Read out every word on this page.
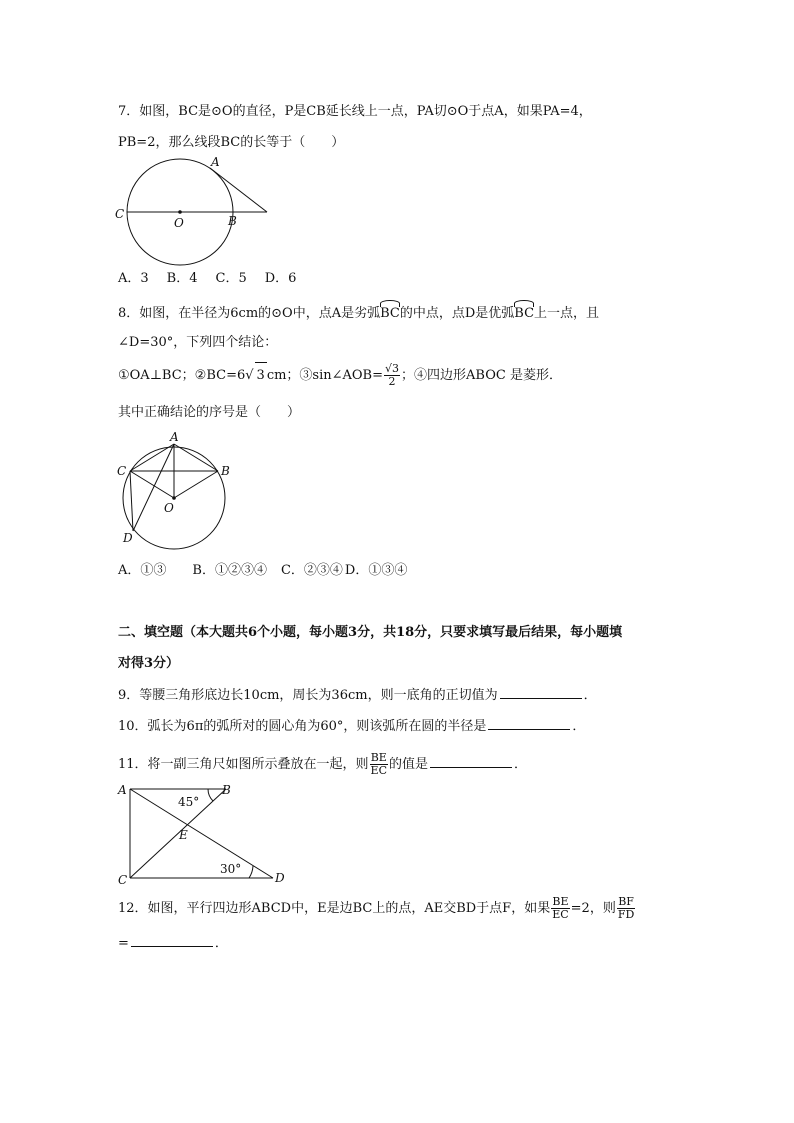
7．如图，BC是⊙O的直径，P是CB延长线上一点，PA切⊙O于点A，如果PA=4，
PB=2，那么线段BC的长等于（　　）
A
C
O	B
A．3 B．4 C．5 D．6
8．如图，在半径为6cm的⊙O中，点A是劣弧BC的中点，点D是优弧BC上一点，且
∠D=30°，下列四个结论：
①OA⊥BC；②BC=6√ 3 cm；③sin∠AOB= $\frac{√3}{2}$ ；④四边形ABOC 是菱形．
其中正确结论的序号是（　　）
A
C	B
O
D
A．①③ B．①②③④ C．②③④ D．①③④
二、填空题（本大题共6个小题，每小题3分，共18分，只要求填写最后结果，每小题填
对得3分）
9．等腰三角形底边长10cm，周长为36cm，则一底角的正切值为	．
10．弧长为6π的弧所对的圆心角为60°，则该弧所在圆的半径是	．
11．将一副三角尺如图所示叠放在一起，则 $\frac{BE}{EC}$ 的值是	．
A	B
C	D
E
45°
30°
12．如图，平行四边形ABCD中，E是边BC上的点，AE交BD于点F，如果 $\frac{BE}{EC} =2$，则 $\frac{BF}{FD}$
=	．
